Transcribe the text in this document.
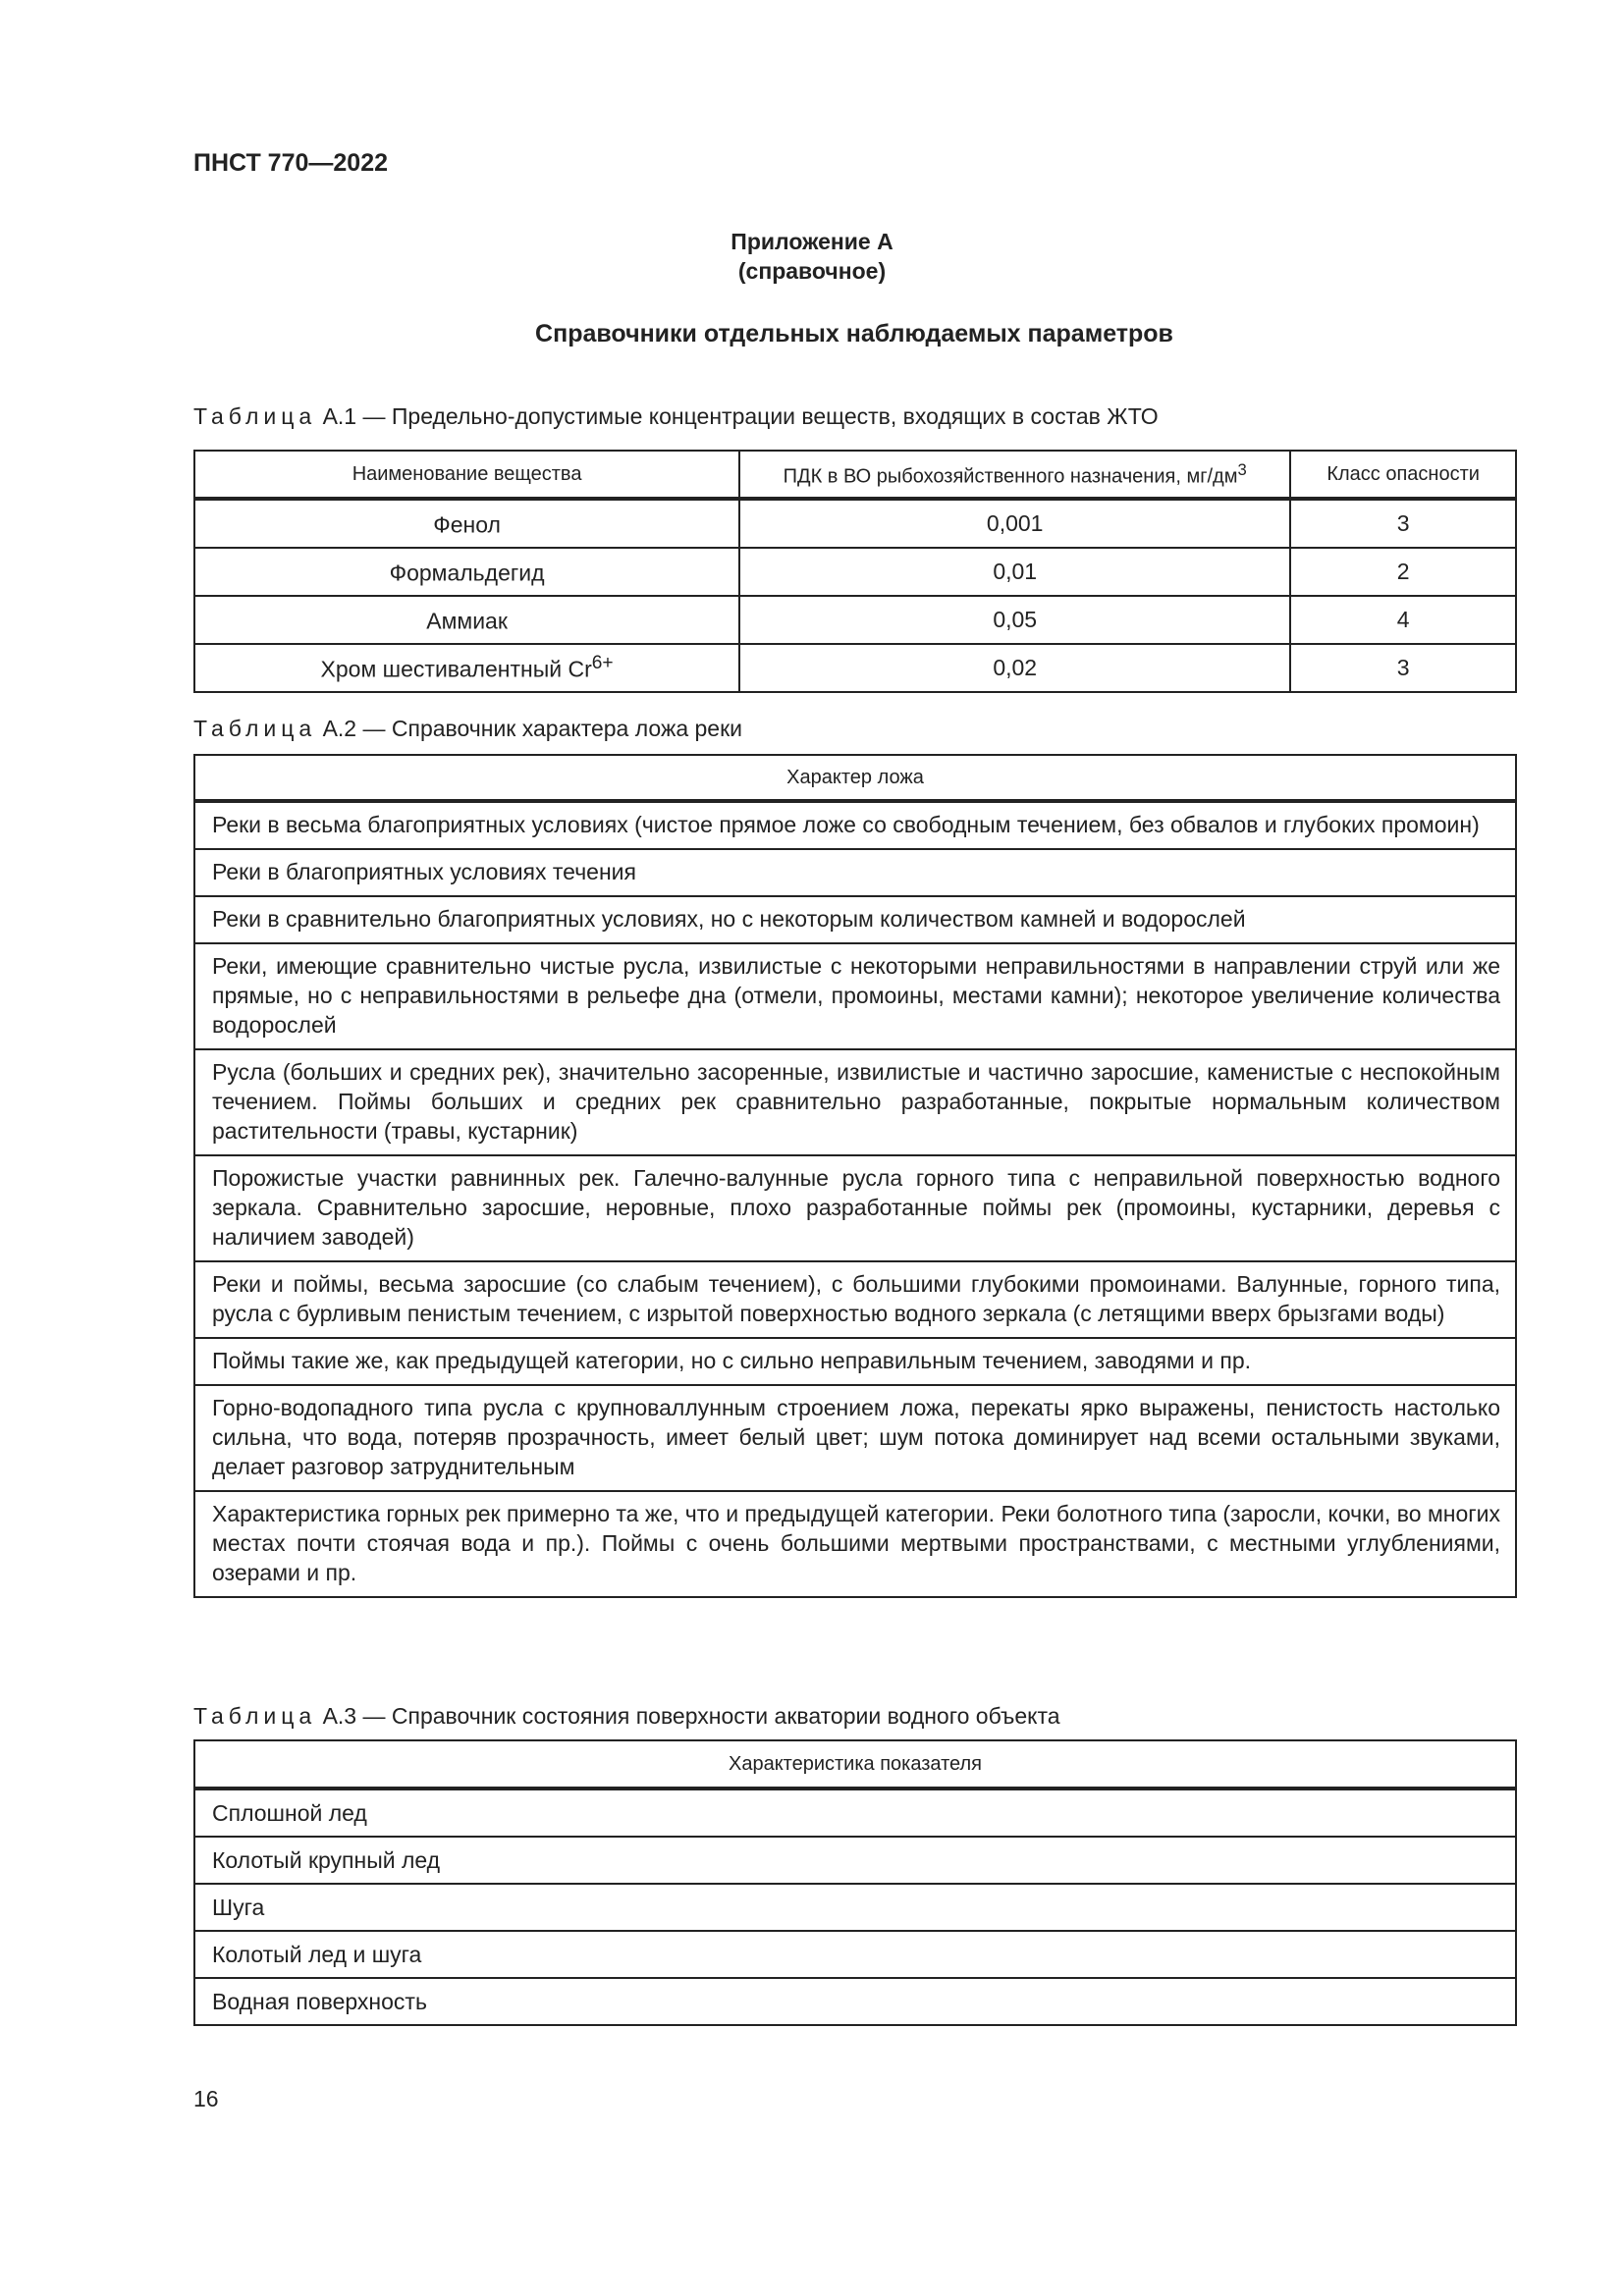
ПНСТ 770—2022
Приложение А
(справочное)
Справочники отдельных наблюдаемых параметров
Таблица А.1 — Предельно-допустимые концентрации веществ, входящих в состав ЖТО
Наименование вещества	ПДК в ВО рыбохозяйственного назначения, $мг/дм^3$	Класс опасности
Фенол	0,001	3
Формальдегид	0,01	2
Аммиак	0,05	4
Хром шестивалентный $Cr^{6+}$	0,02	3
Таблица А.2 — Справочник характера ложа реки
Характер ложа
Реки в весьма благоприятных условиях (чистое прямое ложе со свободным течением, без обвалов и глубоких промоин)
Реки в благоприятных условиях течения
Реки в сравнительно благоприятных условиях, но с некоторым количеством камней и водорослей
Реки, имеющие сравнительно чистые русла, извилистые с некоторыми неправильностями в направлении струй или же прямые, но с неправильностями в рельефе дна (отмели, промоины, местами камни); некоторое увеличение количества водорослей
Русла (больших и средних рек), значительно засоренные, извилистые и частично заросшие, каменистые с неспокойным течением. Поймы больших и средних рек сравнительно разработанные, покрытые нормальным количеством растительности (травы, кустарник)
Порожистые участки равнинных рек. Галечно-валунные русла горного типа с неправильной поверхностью водного зеркала. Сравнительно заросшие, неровные, плохо разработанные поймы рек (промоины, кустарники, деревья с наличием заводей)
Реки и поймы, весьма заросшие (со слабым течением), с большими глубокими промоинами. Валунные, горного типа, русла с бурливым пенистым течением, с изрытой поверхностью водного зеркала (с летящими вверх брызгами воды)
Поймы такие же, как предыдущей категории, но с сильно неправильным течением, заводями и пр.
Горно-водопадного типа русла с крупноваллунным строением ложа, перекаты ярко выражены, пенистость настолько сильна, что вода, потеряв прозрачность, имеет белый цвет; шум потока доминирует над всеми остальными звуками, делает разговор затруднительным
Характеристика горных рек примерно та же, что и предыдущей категории. Реки болотного типа (заросли, кочки, во многих местах почти стоячая вода и пр.). Поймы с очень большими мертвыми пространствами, с местными углублениями, озерами и пр.
Таблица А.3 — Справочник состояния поверхности акватории водного объекта
Характеристика показателя
Сплошной лед
Колотый крупный лед
Шуга
Колотый лед и шуга
Водная поверхность
16
